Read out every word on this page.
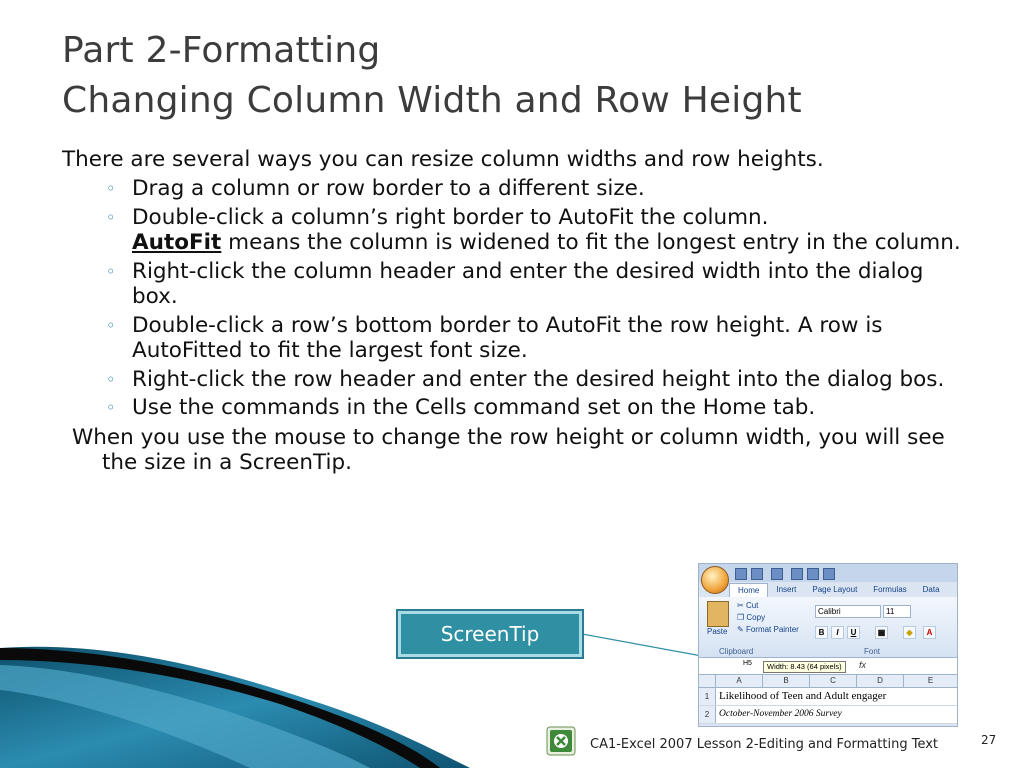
Part 2-Formatting
Changing Column Width and Row Height

There are several ways you can resize column widths and row heights.

◦ Drag a column or row border to a different size.
◦ Double-click a column’s right border to AutoFit the column.
AutoFit means the column is widened to fit the longest entry in the column.
◦ Right-click the column header and enter the desired width into the dialog box.
◦ Double-click a row’s bottom border to AutoFit the row height. A row is AutoFitted to fit the largest font size.
◦ Right-click the row header and enter the desired height into the dialog bos.
◦ Use the commands in the Cells command set on the Home tab.

When you use the mouse to change the row height or column width, you will see the size in a ScreenTip.

ScreenTip
Home	Insert	Page Layout	Formulas	Data
Paste
✂ Cut
❐ Copy
✎ Format Painter
Clipboard
Calibri	11
B	I	U	▦	◆	A
Font
H5	Width: 8.43 (64 pixels)	fx
A	B	C	D	E
1 Likelihood of Teen and Adult engager
2	October-November 2006 Survey
CA1-Excel 2007 Lesson 2-Editing and Formatting Text	27
